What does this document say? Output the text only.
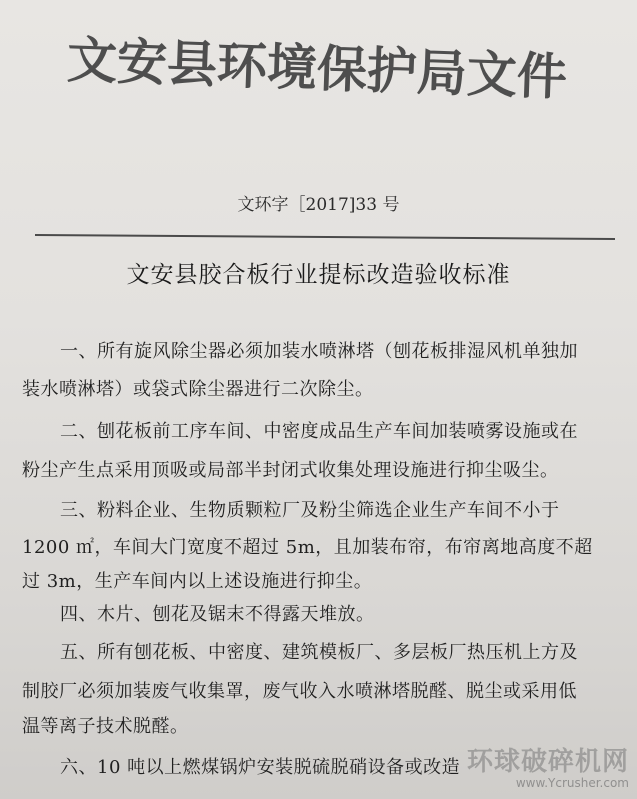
文安县环境保护局文件
文环字［2017]33 号
文安县胶合板行业提标改造验收标准
一、所有旋风除尘器必须加装水喷淋塔（刨花板排湿风机单独加
装水喷淋塔）或袋式除尘器进行二次除尘。
二、刨花板前工序车间、中密度成品生产车间加装喷雾设施或在
粉尘产生点采用顶吸或局部半封闭式收集处理设施进行抑尘吸尘。
三、粉料企业、生物质颗粒厂及粉尘筛选企业生产车间不小于
1200 ㎡，车间大门宽度不超过 5m，且加装布帘，布帘离地高度不超
过 3m，生产车间内以上述设施进行抑尘。
四、木片、刨花及锯末不得露天堆放。
五、所有刨花板、中密度、建筑模板厂、多层板厂热压机上方及
制胶厂必须加装废气收集罩，废气收入水喷淋塔脱醛、脱尘或采用低
温等离子技术脱醛。
六、10 吨以上燃煤锅炉安装脱硫脱硝设备或改造 环球破碎机网
www.Ycrusher.com
